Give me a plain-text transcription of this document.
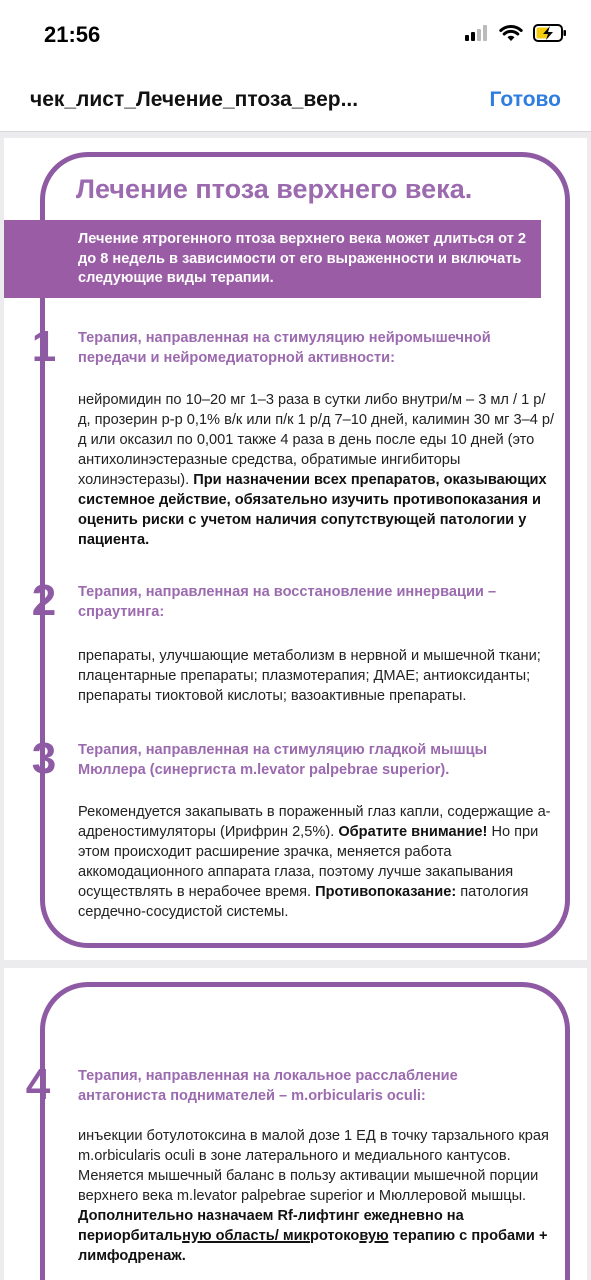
21:56
чек_лист_Лечение_птоза_вер...	Готово
Лечение птоза верхнего века.
Лечение ятрогенного птоза верхнего века может длиться от 2 до 8 недель в зависимости от его выраженности и включать следующие виды терапии.
1	Терапия, направленная на стимуляцию нейромышечной передачи и нейромедиаторной активности:
нейромидин по 10–20 мг 1–3 раза в сутки либо внутри/м – 3 мл / 1 р/д, прозерин р-р 0,1% в/к или п/к 1 р/д 7–10 дней, калимин 30 мг 3–4 р/д или оксазил по 0,001 также 4 раза в день после еды 10 дней (это антихолинэстеразные средства, обратимые ингибиторы холинэстеразы). При назначении всех препаратов, оказывающих системное действие, обязательно изучить противопоказания и оценить риски с учетом наличия сопутствующей патологии у пациента.
2	Терапия, направленная на восстановление иннервации – спраутинга:
препараты, улучшающие метаболизм в нервной и мышечной ткани; плацентарные препараты; плазмотерапия; ДМАЕ; антиоксиданты; препараты тиоктовой кислоты; вазоактивные препараты.
3	Терапия, направленная на стимуляцию гладкой мышцы Мюллера (синергиста m.levator palpebrae superior).
Рекомендуется закапывать в пораженный глаз капли, содержащие а-адреностимуляторы (Ирифрин 2,5%). Обратите внимание! Но при этом происходит расширение зрачка, меняется работа аккомодационного аппарата глаза, поэтому лучше закапывания осуществлять в нерабочее время. Противопоказание: патология сердечно-сосудистой системы.
4	Терапия, направленная на локальное расслабление антагониста поднимателей – m.orbicularis oculi:
инъекции ботулотоксина в малой дозе 1 ЕД в точку тарзального края m.orbicularis oculi в зоне латерального и медиального кантусов. Меняется мышечный баланс в пользу активации мышечной порции верхнего века m.levator palpebrae superior и Мюллеровой мышцы. Дополнительно назначаем Rf-лифтинг ежедневно на периорбитальную область/ микротоковую терапию с пробами + лимфодренаж.
